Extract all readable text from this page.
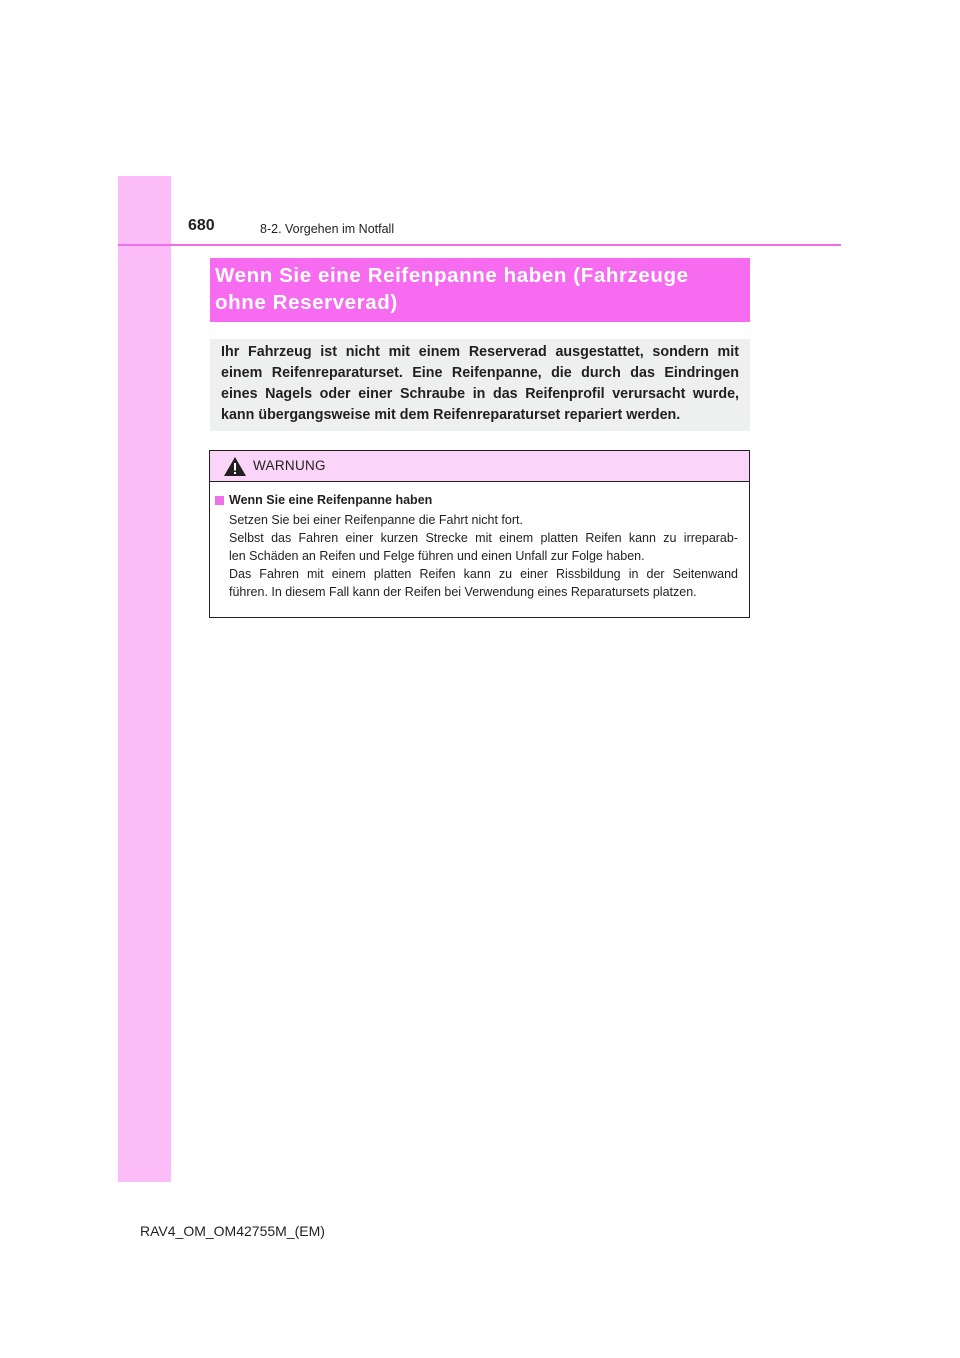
680	8-2. Vorgehen im Notfall
Wenn Sie eine Reifenpanne haben (Fahrzeuge
ohne Reserverad)

Ihr Fahrzeug ist nicht mit einem Reserverad ausgestattet, sondern mit einem Reifenreparaturset. Eine Reifenpanne, die durch das Eindringen eines Nagels oder einer Schraube in das Reifenprofil verursacht wurde, kann übergangsweise mit dem Reifenreparaturset repariert werden.

WARNUNG
Wenn Sie eine Reifenpanne haben

Setzen Sie bei einer Reifenpanne die Fahrt nicht fort.
Selbst das Fahren einer kurzen Strecke mit einem platten Reifen kann zu irreparab-
len Schäden an Reifen und Felge führen und einen Unfall zur Folge haben.
Das Fahren mit einem platten Reifen kann zu einer Rissbildung in der Seitenwand
führen. In diesem Fall kann der Reifen bei Verwendung eines Reparatursets platzen.

RAV4_OM_OM42755M_(EM)
